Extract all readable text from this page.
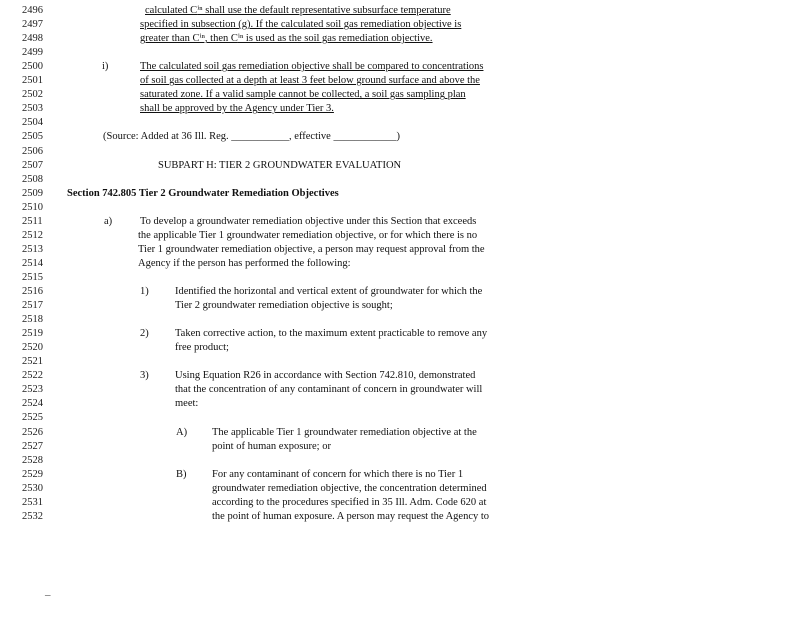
2496	calculated Cⁱⁿ shall use the default representative subsurface temperature
2497	specified in subsection (g). If the calculated soil gas remediation objective is
2498	greater than Cⁱⁿ, then Cⁱⁿ is used as the soil gas remediation objective.
2499
2500	i)	The calculated soil gas remediation objective shall be compared to concentrations
2501	of soil gas collected at a depth at least 3 feet below ground surface and above the
2502	saturated zone. If a valid sample cannot be collected, a soil gas sampling plan
2503	shall be approved by the Agency under Tier 3.
2504
2505	(Source: Added at 36 Ill. Reg. ___________, effective ____________)
2506
2507	SUBPART H: TIER 2 GROUNDWATER EVALUATION
2508
2509	Section 742.805 Tier 2 Groundwater Remediation Objectives
2510
2511	a)	To develop a groundwater remediation objective under this Section that exceeds
2512	the applicable Tier 1 groundwater remediation objective, or for which there is no
2513	Tier 1 groundwater remediation objective, a person may request approval from the
2514	Agency if the person has performed the following:
2515
2516	1)	Identified the horizontal and vertical extent of groundwater for which the
2517	Tier 2 groundwater remediation objective is sought;
2518
2519	2)	Taken corrective action, to the maximum extent practicable to remove any
2520	free product;
2521
2522	3)	Using Equation R26 in accordance with Section 742.810, demonstrated
2523	that the concentration of any contaminant of concern in groundwater will
2524	meet:
2525
2526	A) The applicable Tier 1 groundwater remediation objective at the
2527	point of human exposure; or
2528
2529	B) For any contaminant of concern for which there is no Tier 1
2530	groundwater remediation objective, the concentration determined
2531	according to the procedures specified in 35 Ill. Adm. Code 620 at
2532	the point of human exposure. A person may request the Agency to
_
